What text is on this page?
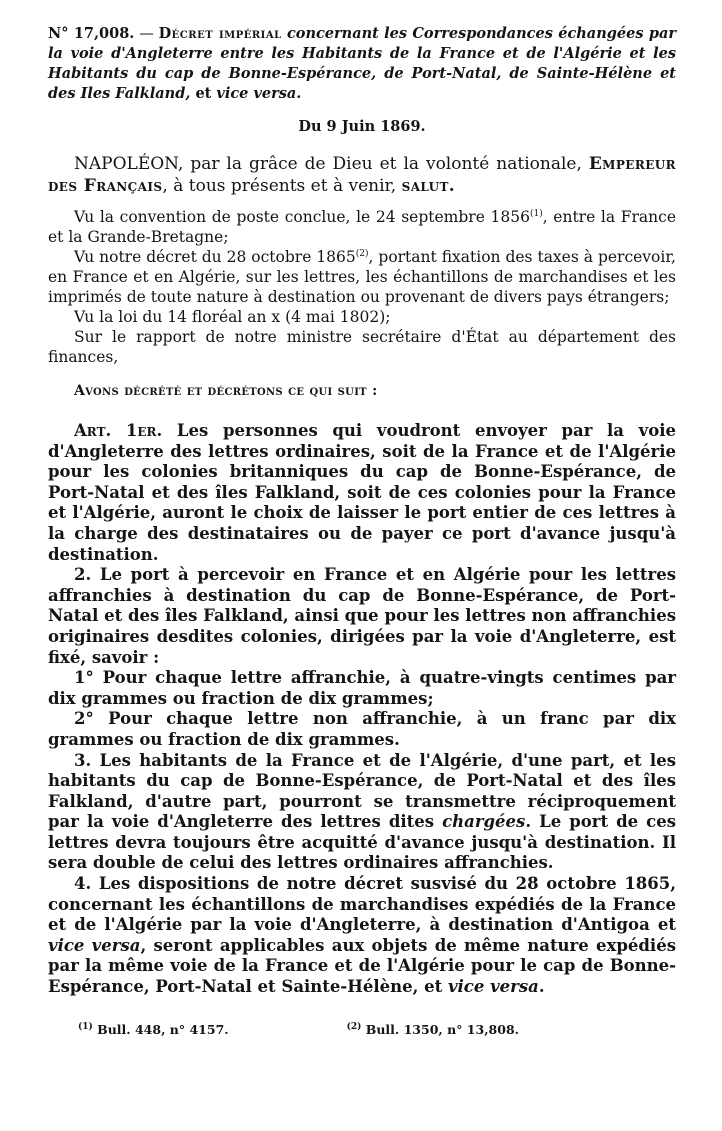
N° 17,008. — Décret impérial concernant les Correspondances échangées par la voie d'Angleterre entre les Habitants de la France et de l'Algérie et les Habitants du cap de Bonne-Espérance, de Port-Natal, de Sainte-Hélène et des Iles Falkland, et vice versa.
Du 9 Juin 1869.
NAPOLÉON, par la grâce de Dieu et la volonté nationale, Empereur des Français, à tous présents et à venir, salut.

Vu la convention de poste conclue, le 24 septembre 1856$^{(1)}$, entre la France et la Grande-Bretagne;

Vu notre décret du 28 octobre 1865$^{(2)}$, portant fixation des taxes à percevoir, en France et en Algérie, sur les lettres, les échantillons de marchandises et les imprimés de toute nature à destination ou provenant de divers pays étrangers;

Vu la loi du 14 floréal an x (4 mai 1802);

Sur le rapport de notre ministre secrétaire d'État au département des finances,

Avons décrété et décrétons ce qui suit :

Art. 1er. Les personnes qui voudront envoyer par la voie d'Angleterre des lettres ordinaires, soit de la France et de l'Algérie pour les colonies britanniques du cap de Bonne-Espérance, de Port-Natal et des îles Falkland, soit de ces colonies pour la France et l'Algérie, auront le choix de laisser le port entier de ces lettres à la charge des destinataires ou de payer ce port d'avance jusqu'à destination.

2. Le port à percevoir en France et en Algérie pour les lettres affranchies à destination du cap de Bonne-Espérance, de Port-Natal et des îles Falkland, ainsi que pour les lettres non affranchies originaires desdites colonies, dirigées par la voie d'Angleterre, est fixé, savoir :

1° Pour chaque lettre affranchie, à quatre-vingts centimes par dix grammes ou fraction de dix grammes;

2° Pour chaque lettre non affranchie, à un franc par dix grammes ou fraction de dix grammes.

3. Les habitants de la France et de l'Algérie, d'une part, et les habitants du cap de Bonne-Espérance, de Port-Natal et des îles Falkland, d'autre part, pourront se transmettre réciproquement par la voie d'Angleterre des lettres dites chargées. Le port de ces lettres devra toujours être acquitté d'avance jusqu'à destination. Il sera double de celui des lettres ordinaires affranchies.

4. Les dispositions de notre décret susvisé du 28 octobre 1865, concernant les échantillons de marchandises expédiés de la France et de l'Algérie par la voie d'Angleterre, à destination d'Antigoa et vice versa, seront applicables aux objets de même nature expédiés par la même voie de la France et de l'Algérie pour le cap de Bonne-Espérance, Port-Natal et Sainte-Hélène, et vice versa.

$^{(1)}$ Bull. 448, n° 4157.	$^{(2)}$ Bull. 1350, n° 13,808.
